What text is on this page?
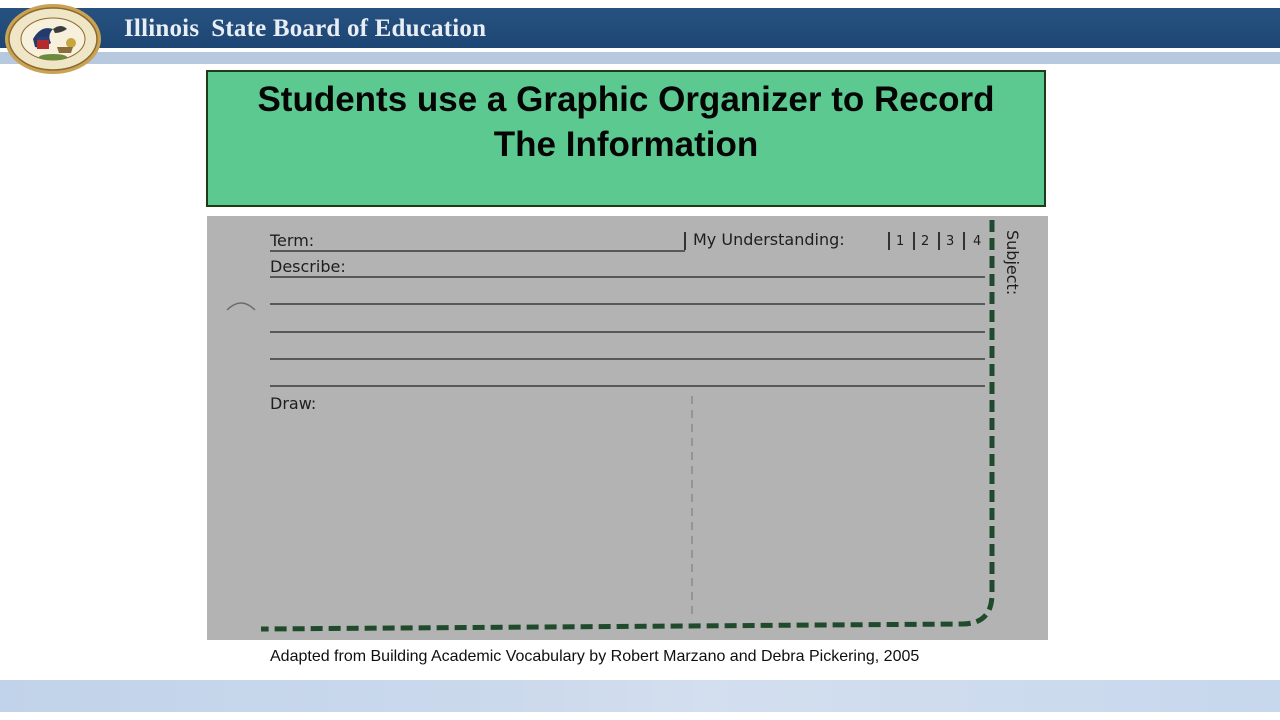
Illinois State Board of Education
Students use a Graphic Organizer to Record
The Information
Term:	My Understanding:	1 2 3 4
Describe:
Draw:
Subject:
Adapted from Building Academic Vocabulary by Robert Marzano and Debra Pickering, 2005
